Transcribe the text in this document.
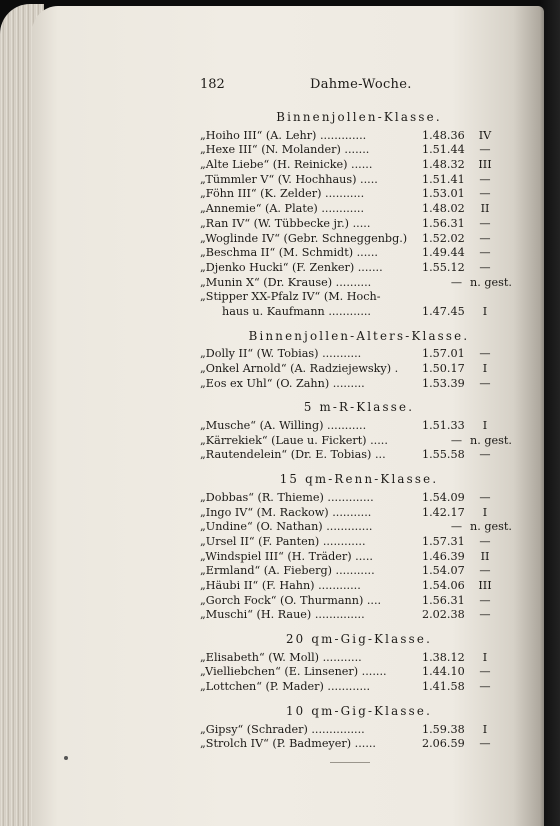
182	Dahme-Woche.
Binnenjollen-Klasse.
„Hoiho III“ (A. Lehr) .............	1.48.36	IV
„Hexe III“ (N. Molander) .......	1.51.44	—
„Alte Liebe“ (H. Reinicke) ......	1.48.32	III
„Tümmler V“ (V. Hochhaus) .....	1.51.41	—
„Föhn III“ (K. Zelder) ...........	1.53.01	—
„Annemie“ (A. Plate) ............	1.48.02	II
„Ran IV“ (W. Tübbecke jr.) .....	1.56.31	—
„Woglinde IV“ (Gebr. Schneggenbg.) 1.52.02	—
„Beschma II“ (M. Schmidt) ......	1.49.44	—
„Djenko Hucki“ (F. Zenker) .......	1.55.12	—
„Munin X“ (Dr. Krause) ..........	— n. gest.
„Stipper XX-Pfalz IV“ (M. Hoch-
haus u. Kaufmann ............	1.47.45	I
Binnenjollen-Alters-Klasse.
„Dolly II“ (W. Tobias) ...........	1.57.01	—
„Onkel Arnold“ (A. Radziejewsky) . 1.50.17	I
„Eos ex Uhl“ (O. Zahn) .........	1.53.39	—
5 m-R-Klasse.
„Musche“ (A. Willing) ...........	1.51.33	I
„Kärrekiek“ (Laue u. Fickert) .....	— n. gest.
„Rautendelein“ (Dr. E. Tobias) ...	1.55.58	—
15 qm-Renn-Klasse.
„Dobbas“ (R. Thieme) .............	1.54.09	—
„Ingo IV“ (M. Rackow) ...........	1.42.17	I
„Undine“ (O. Nathan) .............	— n. gest.
„Ursel II“ (F. Panten) ............	1.57.31	—
„Windspiel III“ (H. Träder) .....	1.46.39	II
„Ermland“ (A. Fieberg) ...........	1.54.07	—
„Häubi II“ (F. Hahn) ............	1.54.06	III
„Gorch Fock“ (O. Thurmann) ....	1.56.31	—
„Muschi“ (H. Raue) ..............	2.02.38	—
20 qm-Gig-Klasse.
„Elisabeth“ (W. Moll) ...........	1.38.12	I
„Vielliebchen“ (E. Linsener) .......	1.44.10	—
„Lottchen“ (P. Mader) ............	1.41.58	—
10 qm-Gig-Klasse.
„Gipsy“ (Schrader) ...............	1.59.38	I
„Strolch IV“ (P. Badmeyer) ......	2.06.59	—
